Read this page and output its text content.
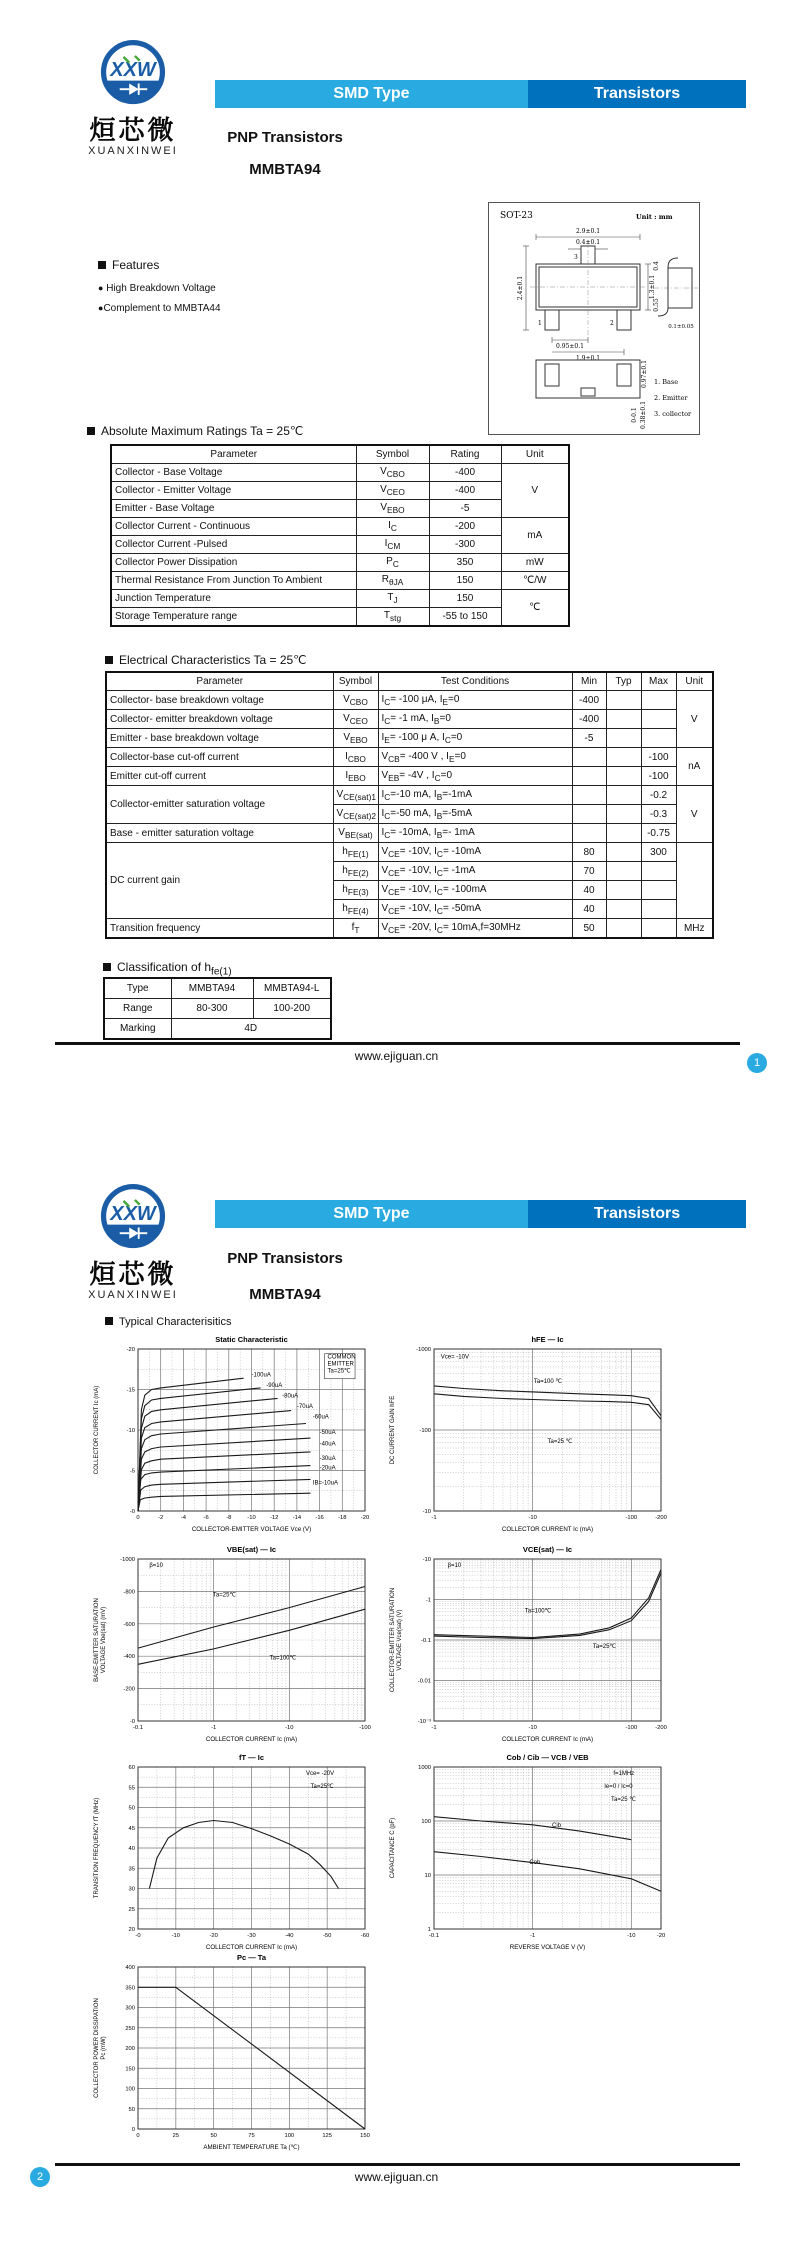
XXW
烜芯微
XUANXINWEI
SMD Type	Transistors
PNP Transistors
MMBTA94
SOT-23	Unit : mm
2.9±0.1
0.4±0.1
2.4±0.1	1.3±0.1
0.95±0.1
1.9±0.1
0.4
0.55
0.1±0.05
0.97±0.1
0-0.1 0.38±0.1
3
1	2
1. Base
2. Emitter
3. collector
Features
● High Breakdown Voltage
●Complement to MMBTA44
Absolute Maximum Ratings Ta = 25℃
Parameter	Symbol	Rating	Unit
Collector - Base Voltage	$V_{CBO}$	-400	V
Collector - Emitter Voltage	$V_{CEO}$	-400	
Emitter - Base Voltage	$V_{EBO}$	-5	
Collector Current - Continuous	$I_C$	-200	mA
Collector Current -Pulsed	$I_{CM}$	-300	
Collector Power Dissipation	$P_C$	350	mW
Thermal Resistance From Junction To Ambient	$R_{\theta JA}$	150	℃/W
Junction Temperature	$T_J$	150	℃
Storage Temperature range	$T_{stg}$	-55 to 150	
Electrical Characteristics Ta = 25℃
Parameter	Symbol	Test Conditions	Min	Typ	Max	Unit
Collector- base breakdown voltage	$V_{CBO}$	$I_C= -100$ μA, $I_E=0$	-400			V
Collector- emitter breakdown voltage	$V_{CEO}$	$I_C= -1$ mA, $I_B=0$	-400			
Emitter - base breakdown voltage	$V_{EBO}$	$I_E= -100$ μ A, $I_C=0$	-5			
Collector-base cut-off current	$I_{CBO}$	$V_{CB}= -400$ V , $I_E=0$			-100	nA
Emitter cut-off current	$I_{EBO}$	$V_{EB}= -4V$ , $I_C=0$			-100	
Collector-emitter saturation voltage	$V_{CE(sat)1}$	$I_C=-10$ mA, $I_B=-1mA$			-0.2	V
	$V_{CE(sat)2}$	$I_C=-50$ mA, $I_B=-5mA$			-0.3	
Base - emitter saturation voltage	$V_{BE(sat)}$	$I_C= -10mA$, $I_B=-$ 1mA			-0.75	
DC current gain	$h_{FE(1)}$	$V_{CE}= -10V$, $I_C= -10mA$	80		300	
	$h_{FE(2)}$	$V_{CE}= -10V$, $I_C= -1mA$	70			
	$h_{FE(3)}$	$V_{CE}= -10V$, $I_C= -100mA$	40			
	$h_{FE(4)}$	$V_{CE}= -10V$, $I_C= -50mA$	40			
Transition frequency	$f_T$	$V_{CE}= -20V$, $I_C= 10mA,f=30MHz$	50			MHz
Classification of $h_{fe(1)}$
Type	MMBTA94	MMBTA94-L
Range	80-300	100-200
Marking	4D	
www.ejiguan.cn	1
XXW
烜芯微
XUANXINWEI
SMD Type	Transistors
PNP Transistors
MMBTA94
Typical Characterisitics
0	-2	-4	-6	-8	-10 -12 -14 -16 -18 -20
-0
-5
-10
-15
-20
-100uA
-90uA
-80uA
-70uA
-60uA
-50uA
-40uA
-30uA
-20uA
IB=-10uA
COMMON
EMITTER
Ta=25℃
Static Characteristic
COLLECTOR-EMITTER VOLTAGE Vce (V)
COLLECTOR CURRENT Ic (mA)
-1	-10	-100	-200
-10
-100
-1000
Vce= -10V
Ta=100 ℃
Ta=25 ℃
hFE — Ic
COLLECTOR CURRENT Ic (mA)
DC CURRENT GAIN hFE
-0.1	-1	-10	-100
-0
-200
-400
-600
-800
-1000
β=10
Ta=25℃
Ta=100℃
VBE(sat) — Ic
COLLECTOR CURRENT Ic (mA)
BASE-EMITTER SATURATION VOLTAGE Vbe(sat) (mV)
-1	-10	-100	-200
-10⁻³
-0.01
-0.1
-1
-10
β=10
Ta=100℃
Ta=25℃
VCE(sat) — Ic
COLLECTOR CURRENT Ic (mA)
COLLECTOR-EMITTER SATURATION VOLTAGE Vce(sat) (V)
-0	-10	-20	-30	-40	-50	-60
20
25
30
35
40
45
50
55
60
Vce= -20V
Ta=25℃
fT — Ic
COLLECTOR CURRENT Ic (mA)
TRANSITION FREQUENCY fT (MHz)
-0.1	-1	-10	-20
1
10
100
1000
f=1MHz
Ie=0 / Ic=0
Ta=25 ℃
Cib
Cob
Cob / Cib — VCB / VEB
REVERSE VOLTAGE V (V)
CAPACITANCE C (pF)
0	25	50	75	100	125	150
0
50
100
150
200
250
300
350
400
Pc — Ta
AMBIENT TEMPERATURE Ta (℃)
COLLECTOR POWER DISSIPATION Pc (mW)
www.ejiguan.cn
2
